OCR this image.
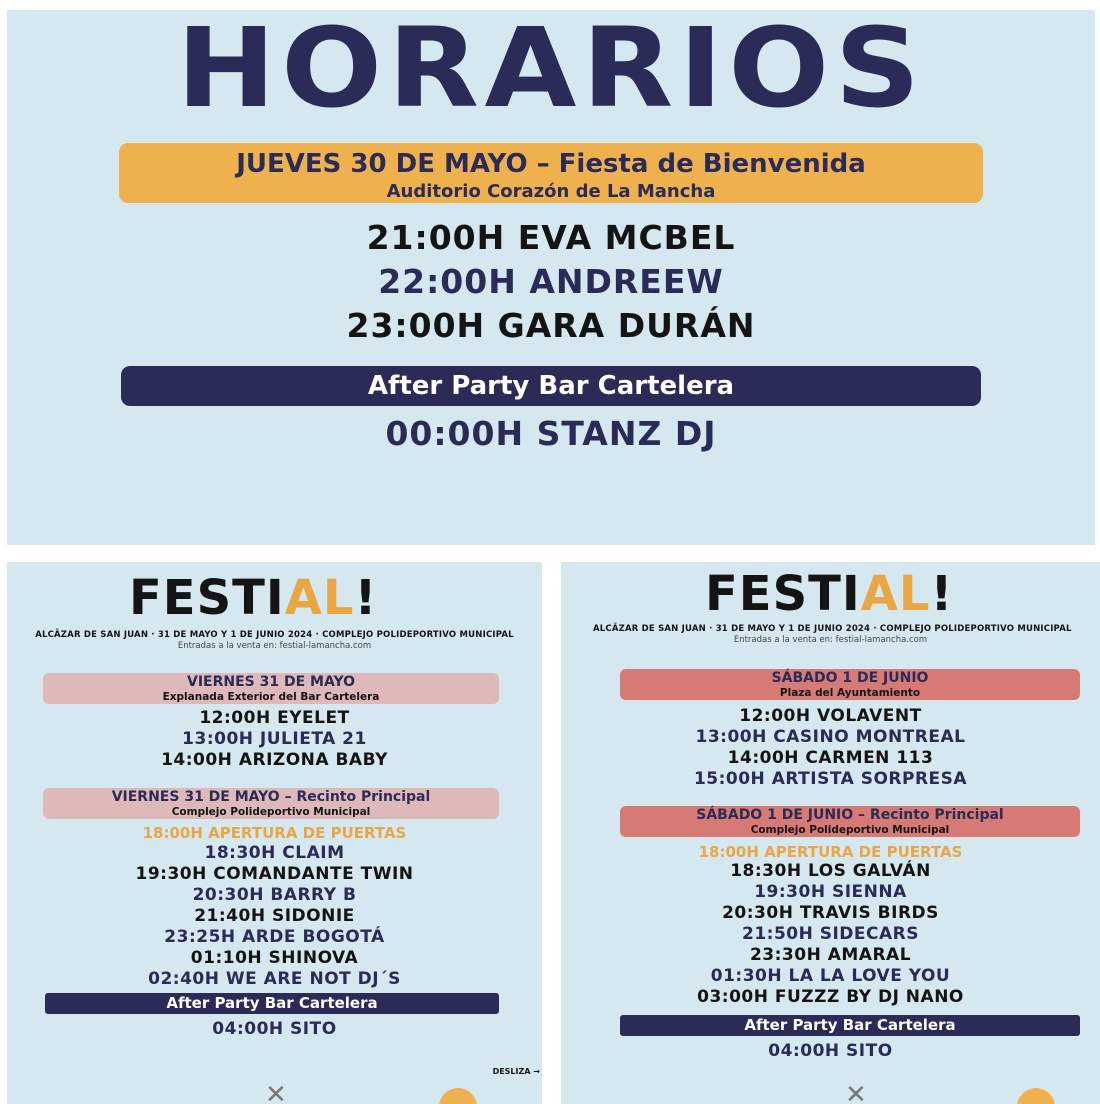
HORARIOS
JUEVES 30 DE MAYO – Fiesta de Bienvenida
Auditorio Corazón de La Mancha
21:00H EVA MCBEL
22:00H ANDREEW
23:00H GARA DURÁN
After Party Bar Cartelera
00:00H STANZ DJ
FESTIAL!
ALCÃZAR DE SAN JUAN · 31 DE MAYO Y 1 DE JUNIO 2024 · COMPLEJO POLIDEPORTIVO MUNICIPAL
Entradas a la venta en: festial-lamancha.com
VIERNES 31 DE MAYO
Explanada Exterior del Bar Cartelera
12:00H EYELET
13:00H JULIETA 21
14:00H ARIZONA BABY
VIERNES 31 DE MAYO – Recinto Principal
Complejo Polideportivo Municipal
18:00H APERTURA DE PUERTAS
18:30H CLAIM
19:30H COMANDANTE TWIN
20:30H BARRY B
21:40H SIDONIE
23:25H ARDE BOGOTÁ
01:10H SHINOVA
02:40H WE ARE NOT DJ´S
After Party Bar Cartelera
04:00H SITO
DESLIZA →
✕
FESTIAL!
ALCÃZAR DE SAN JUAN · 31 DE MAYO Y 1 DE JUNIO 2024 · COMPLEJO POLIDEPORTIVO MUNICIPAL
Entradas a la venta en: festial-lamancha.com
SÁBADO 1 DE JUNIO
Plaza del Ayuntamiento
12:00H VOLAVENT
13:00H CASINO MONTREAL
14:00H CARMEN 113
15:00H ARTISTA SORPRESA
SÁBADO 1 DE JUNIO – Recinto Principal
Complejo Polideportivo Municipal
18:00H APERTURA DE PUERTAS
18:30H LOS GALVÁN
19:30H SIENNA
20:30H TRAVIS BIRDS
21:50H SIDECARS
23:30H AMARAL
01:30H LA LA LOVE YOU
03:00H FUZZZ BY DJ NANO
After Party Bar Cartelera
04:00H SITO
✕
